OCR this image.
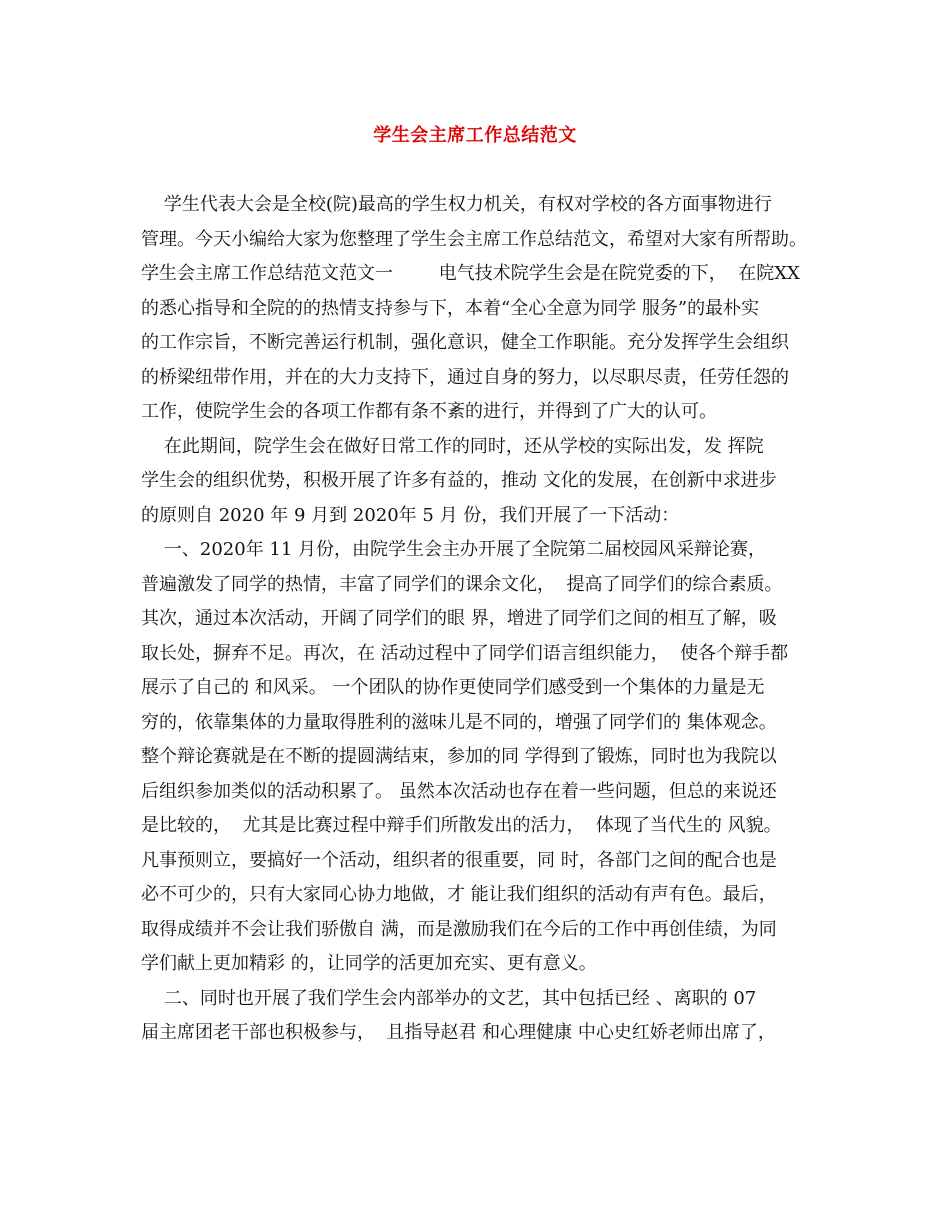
学生会主席工作总结范文
学生代表大会是全校(院)最高的学生权力机关，有权对学校的各方面事物进行
管理。今天小编给大家为您整理了学生会主席工作总结范文，希望对大家有所帮助。
学生会主席工作总结范文范文一        电气技术院学生会是在院党委的下，  在院XX
的悉心指导和全院的的热情支持参与下，本着“全心全意为同学 服务”的最朴实
的工作宗旨，不断完善运行机制，强化意识，健全工作职能。充分发挥学生会组织
的桥梁纽带作用，并在的大力支持下，通过自身的努力，以尽职尽责，任劳任怨的
工作，使院学生会的各项工作都有条不紊的进行，并得到了广大的认可。
在此期间，院学生会在做好日常工作的同时，还从学校的实际出发，发 挥院
学生会的组织优势，积极开展了许多有益的，推动 文化的发展，在创新中求进步
的原则自 2020 年 9 月到 2020年 5 月 份，我们开展了一下活动：
一、2020年 11 月份，由院学生会主办开展了全院第二届校园风采辩论赛，
普遍激发了同学的热情，丰富了同学们的课余文化，  提高了同学们的综合素质。
其次，通过本次活动，开阔了同学们的眼 界，增进了同学们之间的相互了解，吸
取长处，摒弃不足。再次，在 活动过程中了同学们语言组织能力，  使各个辩手都
展示了自己的 和风采。 一个团队的协作更使同学们感受到一个集体的力量是无
穷的，依靠集体的力量取得胜利的滋味儿是不同的，增强了同学们的 集体观念。
整个辩论赛就是在不断的提圆满结束，参加的同 学得到了锻炼，同时也为我院以
后组织参加类似的活动积累了。 虽然本次活动也存在着一些问题，但总的来说还
是比较的，  尤其是比赛过程中辩手们所散发出的活力，  体现了当代生的 风貌。
凡事预则立，要搞好一个活动，组织者的很重要，同 时，各部门之间的配合也是
必不可少的，只有大家同心协力地做，才 能让我们组织的活动有声有色。最后，
取得成绩并不会让我们骄傲自 满，而是激励我们在今后的工作中再创佳绩，为同
学们献上更加精彩 的，让同学的活更加充实、更有意义。
二、同时也开展了我们学生会内部举办的文艺，其中包括已经 、离职的 07
届主席团老干部也积极参与，  且指导赵君 和心理健康 中心史红娇老师出席了，
